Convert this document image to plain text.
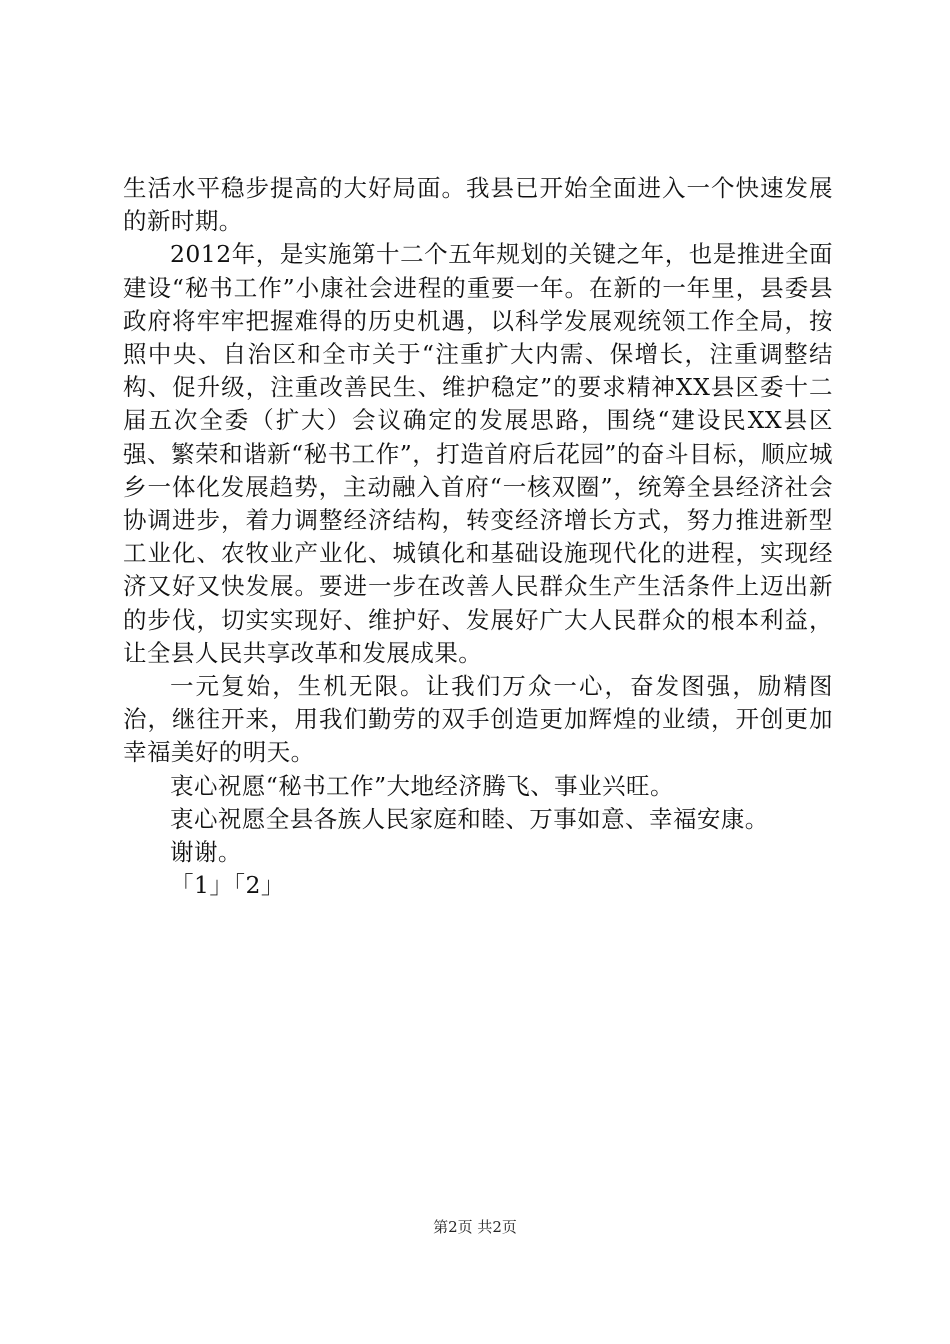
生活水平稳步提高的大好局面。我县已开始全面进入一个快速发展的新时期。

2012年，是实施第十二个五年规划的关键之年，也是推进全面建设“秘书工作”小康社会进程的重要一年。在新的一年里，县委县政府将牢牢把握难得的历史机遇，以科学发展观统领工作全局，按照中央、自治区和全市关于“注重扩大内需、保增长，注重调整结构、促升级，注重改善民生、维护稳定”的要求精神XX县区委十二届五次全委（扩大）会议确定的发展思路，围绕“建设民XX县区强、繁荣和谐新“秘书工作”，打造首府后花园”的奋斗目标，顺应城乡一体化发展趋势，主动融入首府“一核双圈”，统筹全县经济社会协调进步，着力调整经济结构，转变经济增长方式，努力推进新型工业化、农牧业产业化、城镇化和基础设施现代化的进程，实现经济又好又快发展。要进一步在改善人民群众生产生活条件上迈出新的步伐，切实实现好、维护好、发展好广大人民群众的根本利益，让全县人民共享改革和发展成果。

一元复始，生机无限。让我们万众一心，奋发图强，励精图治，继往开来，用我们勤劳的双手创造更加辉煌的业绩，开创更加幸福美好的明天。

衷心祝愿“秘书工作”大地经济腾飞、事业兴旺。

衷心祝愿全县各族人民家庭和睦、万事如意、幸福安康。

谢谢。

「1」「2」

第2页 共2页
